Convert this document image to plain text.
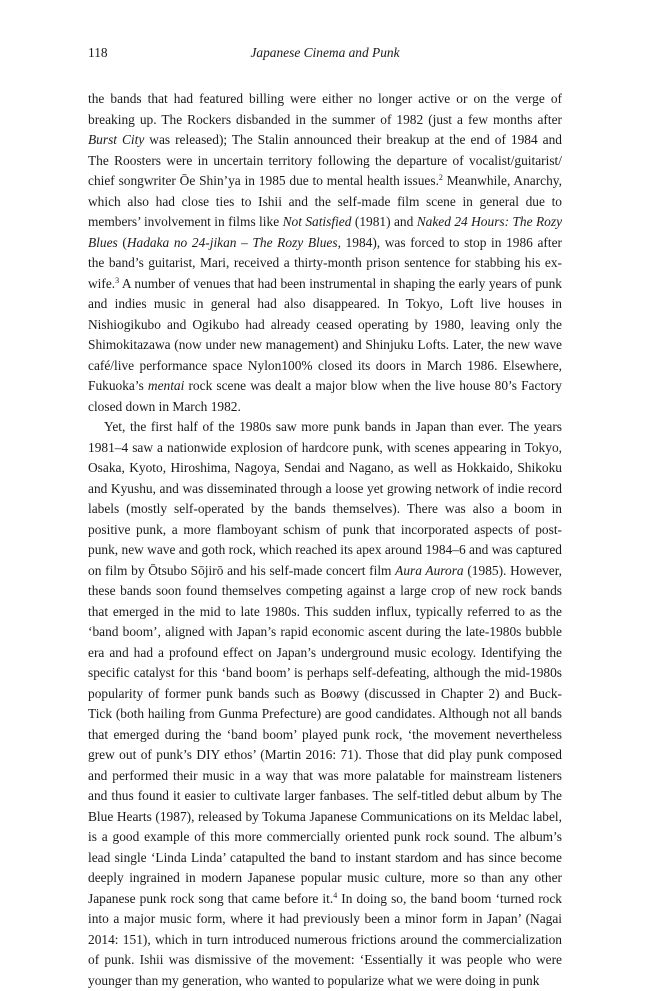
118	Japanese Cinema and Punk

the bands that had featured billing were either no longer active or on the verge of breaking up. The Rockers disbanded in the summer of 1982 (just a few months after Burst City was released); The Stalin announced their breakup at the end of 1984 and The Roosters were in uncertain territory following the departure of vocalist/guitarist/ chief songwriter Ōe Shin’ya in 1985 due to mental health issues.$^2$ Meanwhile, Anarchy, which also had close ties to Ishii and the self-made film scene in general due to members’ involvement in films like Not Satisfied (1981) and Naked 24 Hours: The Rozy Blues (Hadaka no 24-jikan – The Rozy Blues, 1984), was forced to stop in 1986 after the band’s guitarist, Mari, received a thirty-month prison sentence for stabbing his ex-wife.$^3$ A number of venues that had been instrumental in shaping the early years of punk and indies music in general had also disappeared. In Tokyo, Loft live houses in Nishiogikubo and Ogikubo had already ceased operating by 1980, leaving only the Shimokitazawa (now under new management) and Shinjuku Lofts. Later, the new wave café/live performance space Nylon100% closed its doors in March 1986. Elsewhere, Fukuoka’s mentai rock scene was dealt a major blow when the live house 80’s Factory closed down in March 1982.

Yet, the first half of the 1980s saw more punk bands in Japan than ever. The years 1981–4 saw a nationwide explosion of hardcore punk, with scenes appearing in Tokyo, Osaka, Kyoto, Hiroshima, Nagoya, Sendai and Nagano, as well as Hokkaido, Shikoku and Kyushu, and was disseminated through a loose yet growing network of indie record labels (mostly self-operated by the bands themselves). There was also a boom in positive punk, a more flamboyant schism of punk that incorporated aspects of post-punk, new wave and goth rock, which reached its apex around 1984–6 and was captured on film by Ōtsubo Sōjirō and his self-made concert film Aura Aurora (1985). However, these bands soon found themselves competing against a large crop of new rock bands that emerged in the mid to late 1980s. This sudden influx, typically referred to as the ‘band boom’, aligned with Japan’s rapid economic ascent during the late-1980s bubble era and had a profound effect on Japan’s underground music ecology. Identifying the specific catalyst for this ‘band boom’ is perhaps self-defeating, although the mid-1980s popularity of former punk bands such as Boøwy (discussed in Chapter 2) and Buck-Tick (both hailing from Gunma Prefecture) are good candidates. Although not all bands that emerged during the ‘band boom’ played punk rock, ‘the movement nevertheless grew out of punk’s DIY ethos’ (Martin 2016: 71). Those that did play punk composed and performed their music in a way that was more palatable for mainstream listeners and thus found it easier to cultivate larger fanbases. The self-titled debut album by The Blue Hearts (1987), released by Tokuma Japanese Communications on its Meldac label, is a good example of this more commercially oriented punk rock sound. The album’s lead single ‘Linda Linda’ catapulted the band to instant stardom and has since become deeply ingrained in modern Japanese popular music culture, more so than any other Japanese punk rock song that came before it.$^4$ In doing so, the band boom ‘turned rock into a major music form, where it had previously been a minor form in Japan’ (Nagai 2014: 151), which in turn introduced numerous frictions around the commercialization of punk. Ishii was dismissive of the movement: ‘Essentially it was people who were younger than my generation, who wanted to popularize what we were doing in punk
